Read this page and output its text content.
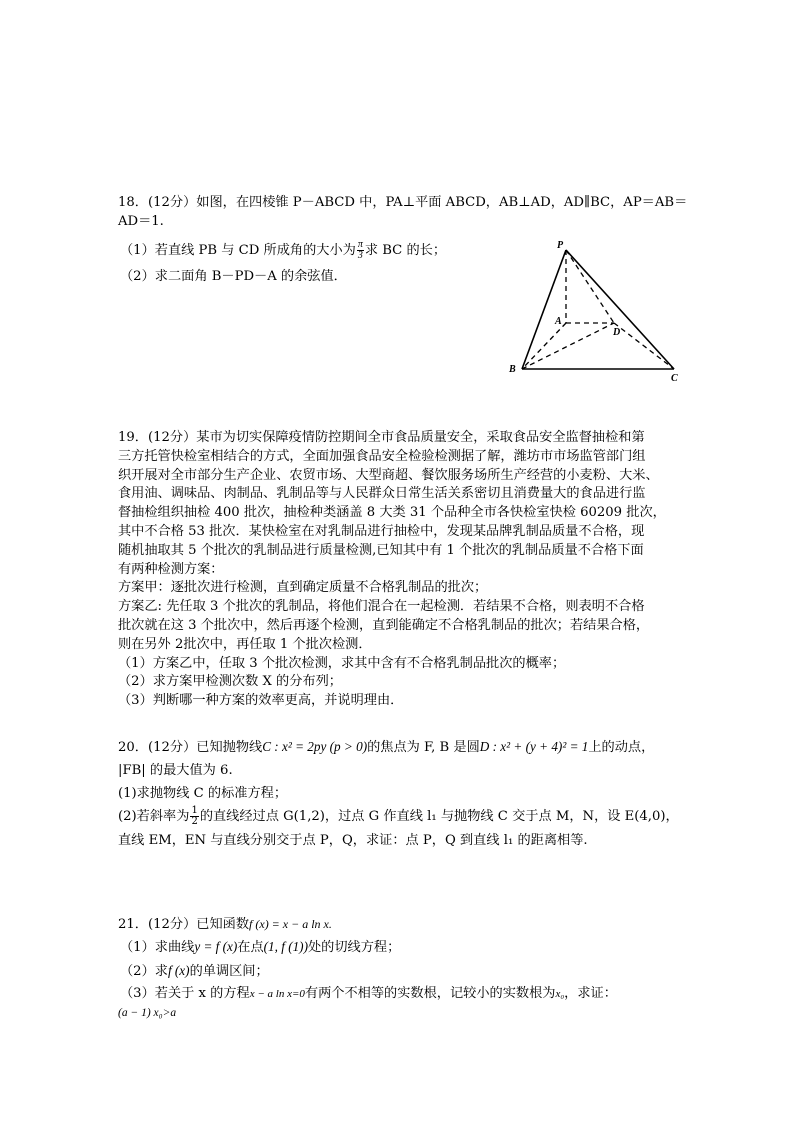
18．(12分）如图，在四棱锥 P－ABCD 中，PA⊥平面 ABCD，AB⊥AD，AD∥BC，AP＝AB＝
AD＝1.
（1）若直线 PB 与 CD 所成角的大小为 $\frac{\pi}{3}$ 求 BC 的长；
（2）求二面角 B－PD－A 的余弦值．
P
A
D
B
C
19．(12分）某市为切实保障疫情防控期间全市食品质量安全，采取食品安全监督抽检和第
三方托管快检室相结合的方式，全面加强食品安全检验检测据了解，潍坊市市场监管部门组
织开展对全市部分生产企业、农贸市场、大型商超、餐饮服务场所生产经营的小麦粉、大米、
食用油、调味品、肉制品、乳制品等与人民群众日常生活关系密切且消费量大的食品进行监
督抽检组织抽检 400 批次，抽检种类涵盖 8 大类 31 个品种全市各快检室快检 60209 批次，
其中不合格 53 批次．某快检室在对乳制品进行抽检中，发现某品牌乳制品质量不合格，现
随机抽取其 5 个批次的乳制品进行质量检测,已知其中有 1 个批次的乳制品质量不合格下面
有两种检测方案：
方案甲：逐批次进行检测，直到确定质量不合格乳制品的批次；
方案乙: 先任取 3 个批次的乳制品，将他们混合在一起检测．若结果不合格，则表明不合格
批次就在这 3 个批次中，然后再逐个检测，直到能确定不合格乳制品的批次；若结果合格，
则在另外 2批次中，再任取 1 个批次检测．
（1）方案乙中，任取 3 个批次检测，求其中含有不合格乳制品批次的概率；
（2）求方案甲检测次数 X 的分布列；
（3）判断哪一种方案的效率更高，并说明理由．
20．(12分）已知抛物线C : x² = 2py (p > 0)的焦点为 F, B 是圆D : x² + (y + 4)² = 1上的动点，
|FB| 的最大值为 6.
(1)求抛物线 C 的标准方程；
(2)若斜率为 $\frac{1}{2}$ 的直线经过点 G(1,2)，过点 G 作直线 l₁ 与抛物线 C 交于点 M，N，设 E(4,0)，
直线 EM，EN 与直线分别交于点 P，Q，求证：点 P，Q 到直线 l₁ 的距离相等.
21．(12分）已知函数f (x) = x − a ln x.
（1）求曲线y = f (x)在点(1, f (1))处的切线方程；
（2）求f (x)的单调区间；
（3）若关于 x 的方程x − a ln x=0有两个不相等的实数根，记较小的实数根为x₀，求证：
(a − 1) x₀>a
